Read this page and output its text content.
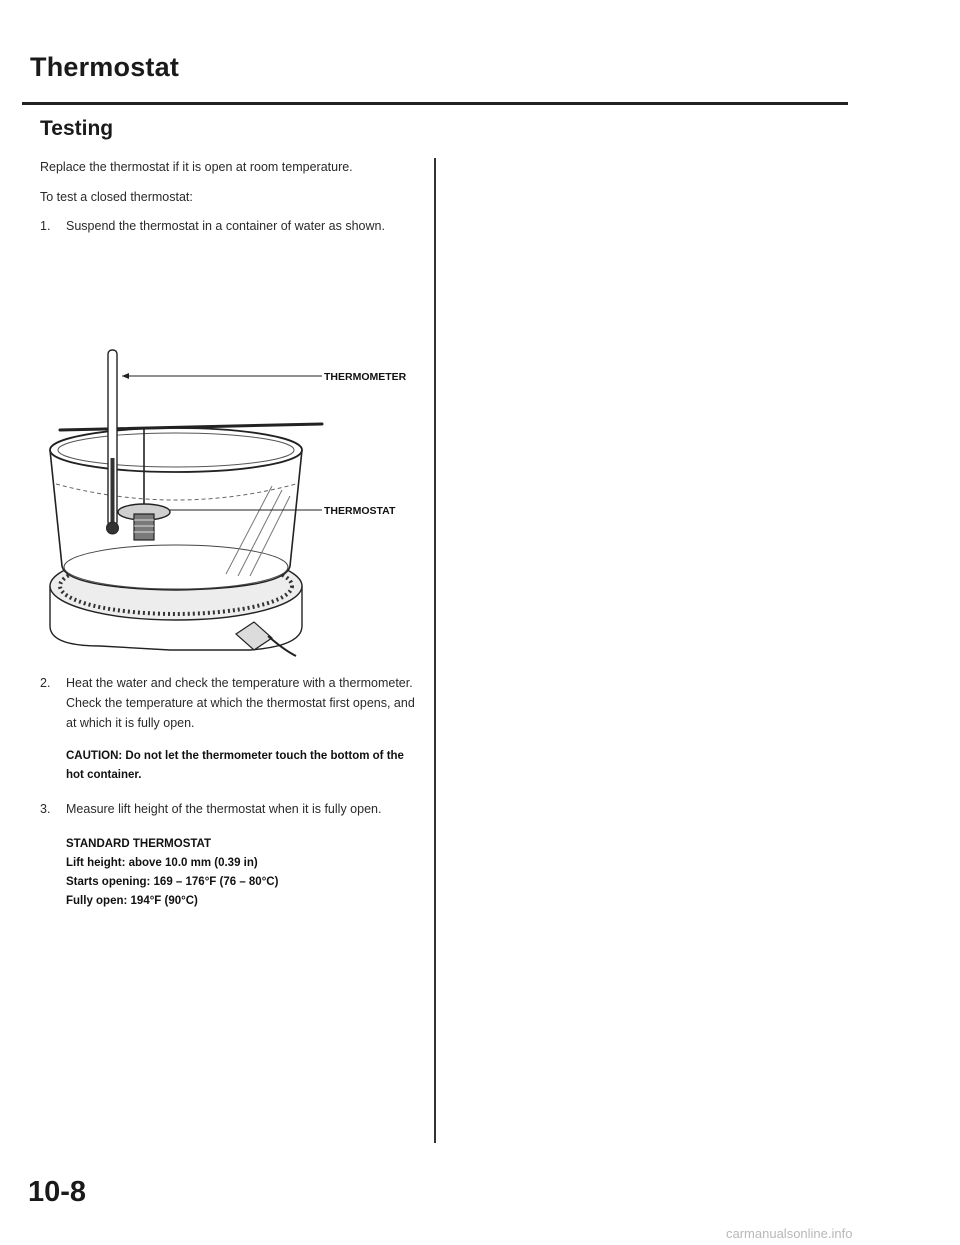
Thermostat
Testing

Replace the thermostat if it is open at room temperature.

To test a closed thermostat:

1.	Suspend the thermostat in a container of water as shown.
THERMOMETER
THERMOSTAT
2.	Heat the water and check the temperature with a thermometer. Check the temperature at which the thermostat first opens, and at which it is fully open.
CAUTION: Do not let the thermometer touch the bottom of the hot container.
3.	Measure lift height of the thermostat when it is fully open.
STANDARD THERMOSTAT
Lift height: above 10.0 mm (0.39 in)
Starts opening: 169 – 176°F (76 – 80°C)
Fully open: 194°F (90°C)

10-8

carmanualsonline.info
